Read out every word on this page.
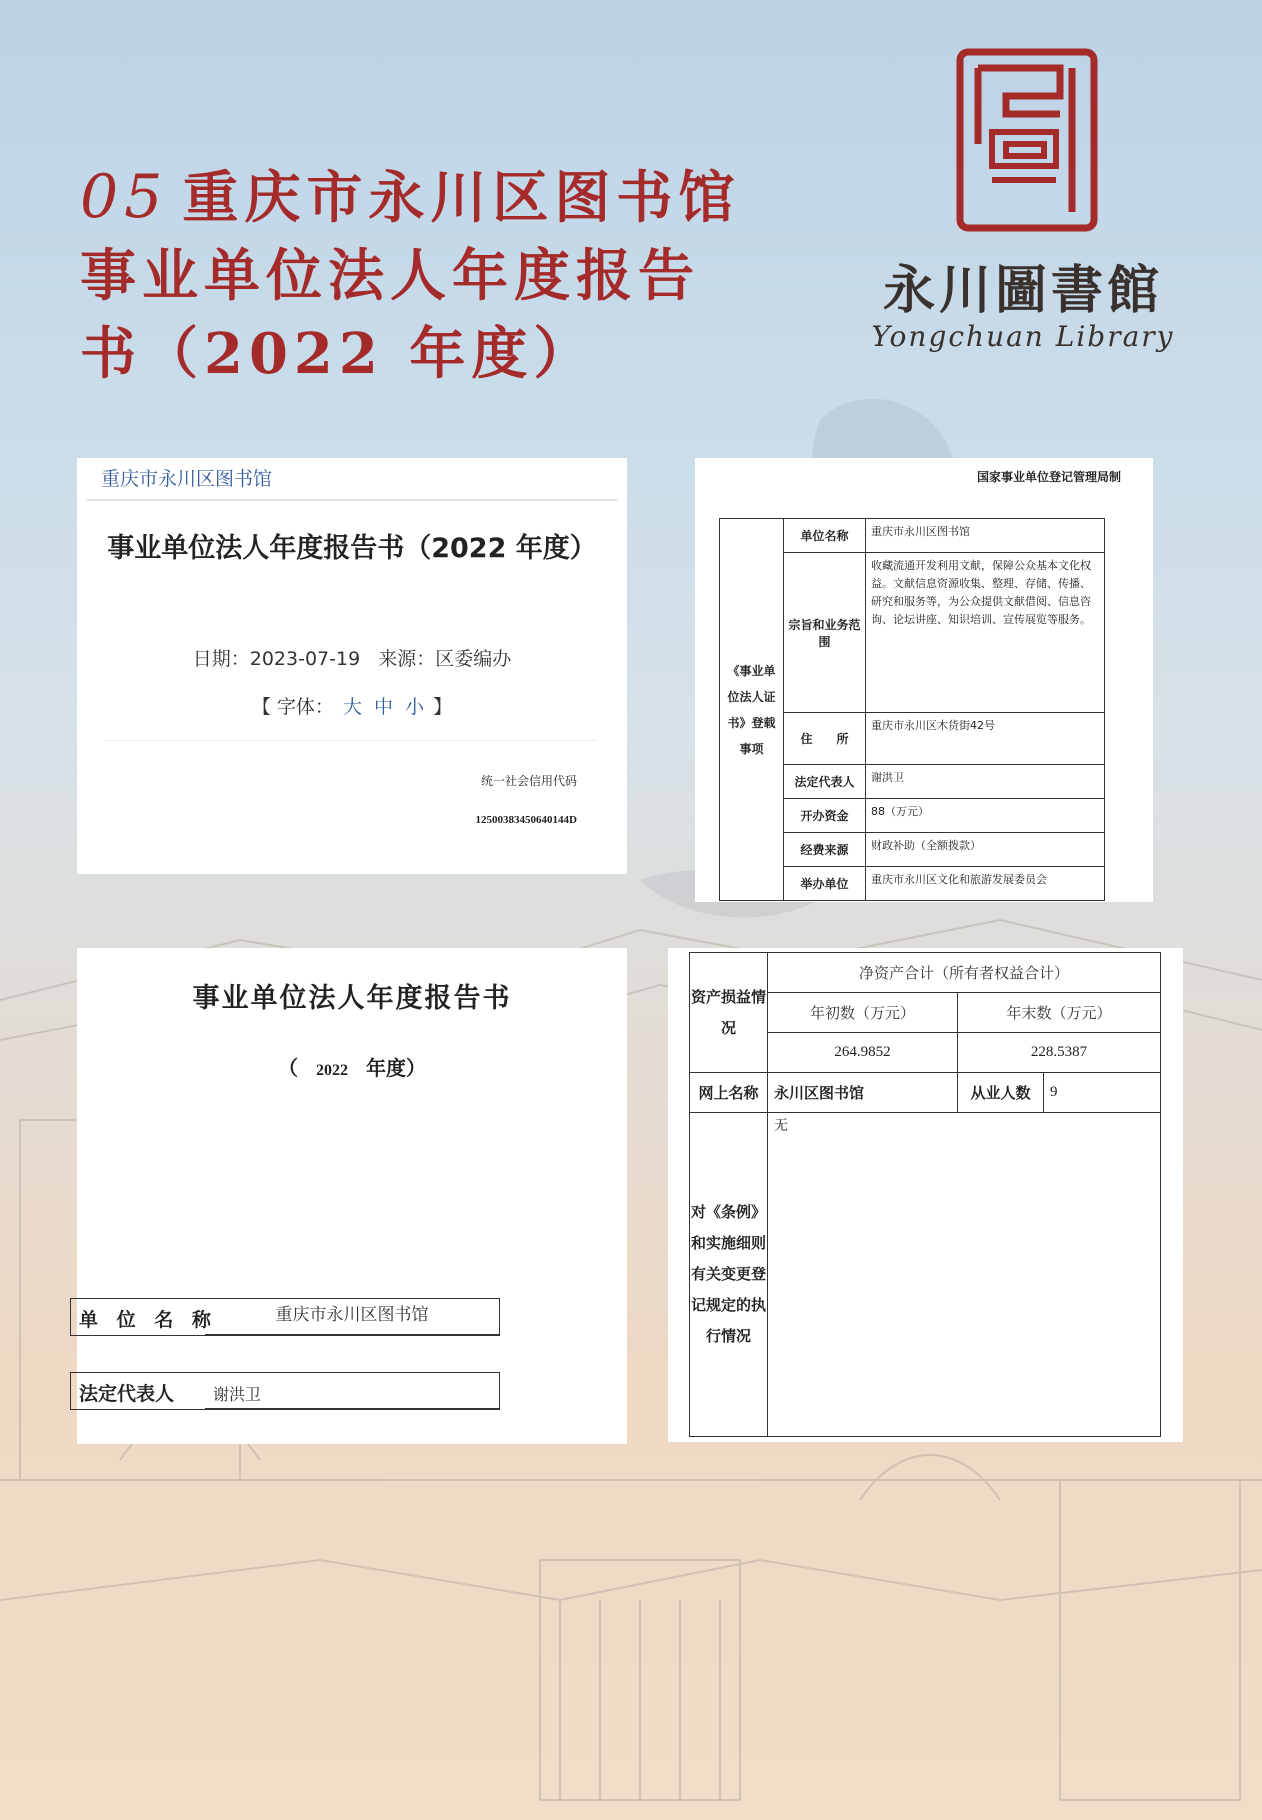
05 重庆市永川区图书馆
事业单位法人年度报告
书（2022 年度）
永川圖書館
Yongchuan Library
重庆市永川区图书馆
事业单位法人年度报告书（2022 年度）
日期：2023-07-19 来源：区委编办
【 字体： 大 中 小 】
统一社会信用代码
12500383450640144D
国家事业单位登记管理局制
《事业单位法人证书》登载事项	单位名称	重庆市永川区图书馆
	宗旨和业务范围	收藏流通开发利用文献，保障公众基本文化权益。文献信息资源收集、整理、存储、传播、研究和服务等，为公众提供文献借阅、信息咨询、论坛讲座、知识培训、宣传展览等服务。
	住　　所	重庆市永川区木货街42号
	法定代表人	谢洪卫
	开办资金	88（万元）
	经费来源	财政补助（全额拨款）
	举办单位	重庆市永川区文化和旅游发展委员会
事业单位法人年度报告书
（ 2022 年度）
单 位 名 称	重庆市永川区图书馆
法定代表人	谢洪卫
资产损益情况	净资产合计（所有者权益合计）		
	年初数（万元）	年末数（万元）	
	264.9852	228.5387	
网上名称	永川区图书馆	从业人数	9
对《条例》和实施细则有关变更登记规定的执行情况	无		
